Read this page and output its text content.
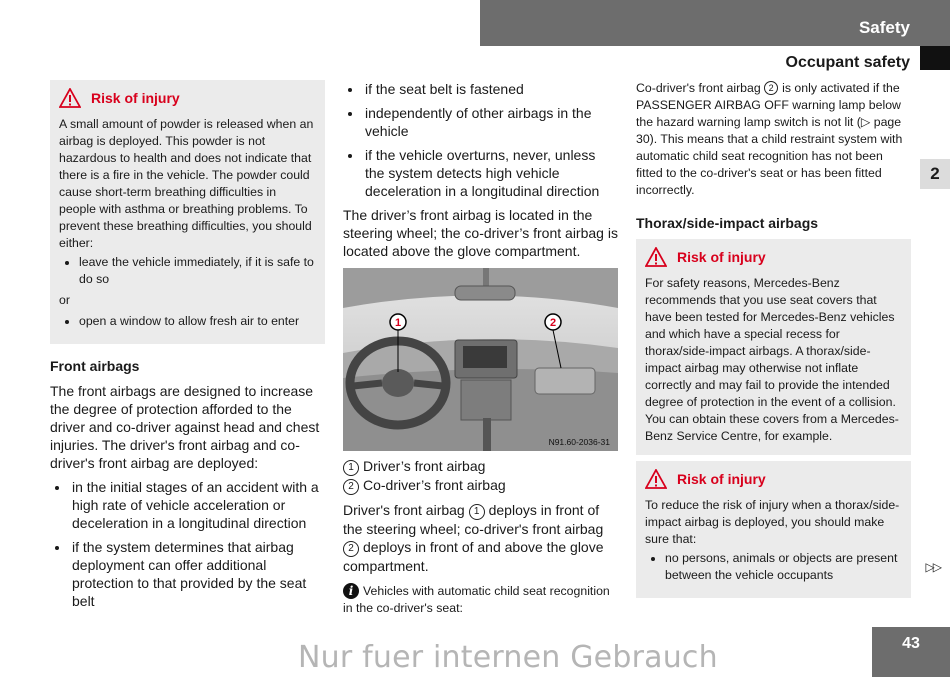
Safety
Occupant safety
2
Risk of injury

A small amount of powder is released when an airbag is deployed. This powder is not hazardous to health and does not indicate that there is a fire in the vehicle. The powder could cause short-term breathing difficulties in people with asthma or breathing problems. To prevent these breathing difficulties, you should either:

• leave the vehicle immediately, if it is safe to do so
or
• open a window to allow fresh air to enter
Front airbags

The front airbags are designed to increase the degree of protection afforded to the driver and co-driver against head and chest injuries. The driver's front airbag and co-driver's front airbag are deployed:

• in the initial stages of an accident with a high rate of vehicle acceleration or deceleration in a longitudinal direction
• if the system determines that airbag deployment can offer additional protection to that provided by the seat belt
• if the seat belt is fastened
• independently of other airbags in the vehicle
• if the vehicle overturns, never, unless the system detects high vehicle deceleration in a longitudinal direction

The driver’s front airbag is located in the steering wheel; the co-driver’s front airbag is located above the glove compartment.

1	2
N91.60-2036-31
1 Driver’s front airbag
2 Co-driver’s front airbag

Driver's front airbag 1 deploys in front of the steering wheel; co-driver's front airbag 2 deploys in front of and above the glove compartment.

i Vehicles with automatic child seat recognition in the co-driver's seat:

Co-driver's front airbag 2 is only activated if the PASSENGER AIRBAG OFF warning lamp below the hazard warning lamp switch is not lit (▷ page 30). This means that a child restraint system with automatic child seat recognition has not been fitted to the co-driver's seat or has been fitted incorrectly.

Thorax/side-impact airbags
Risk of injury

For safety reasons, Mercedes-Benz recommends that you use seat covers that have been tested for Mercedes-Benz vehicles and which have a special recess for thorax/side-impact airbags. A thorax/side-impact airbag may otherwise not inflate correctly and may fail to provide the intended degree of protection in the event of a collision. You can obtain these covers from a Mercedes-Benz Service Centre, for example.

Risk of injury

To reduce the risk of injury when a thorax/side-impact airbag is deployed, you should make sure that:

• no persons, animals or objects are present between the vehicle occupants
▷▷
Nur fuer internen Gebrauch	43
